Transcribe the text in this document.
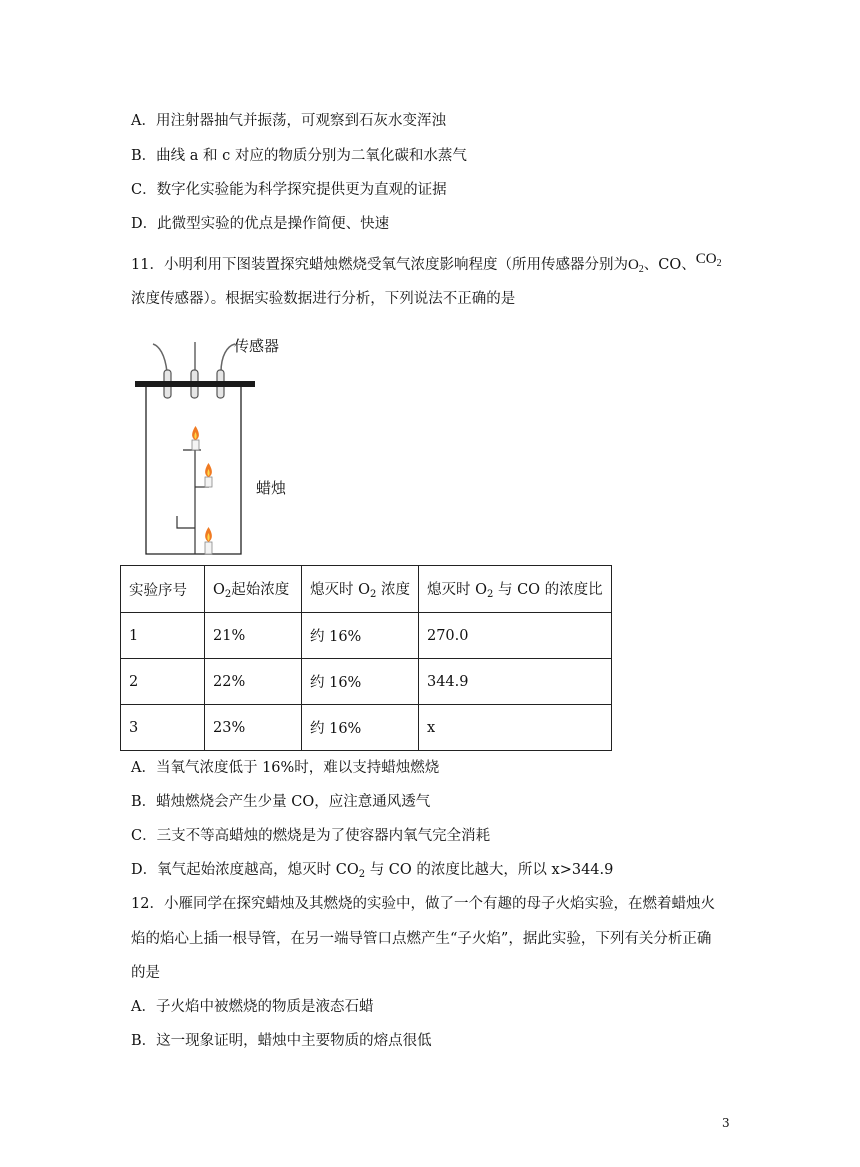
A．用注射器抽气并振荡，可观察到石灰水变浑浊
B．曲线 a 和 c 对应的物质分别为二氧化碳和水蒸气
C．数字化实验能为科学探究提供更为直观的证据
D．此微型实验的优点是操作简便、快速
11．小明利用下图装置探究蜡烛燃烧受氧气浓度影响程度（所用传感器分别为$O_2$、CO、$CO_2$
浓度传感器）。根据实验数据进行分析，下列说法不正确的是
传感器
蜡烛
实验序号	$O_2$起始浓度	熄灭时 $O_2$ 浓度	熄灭时 $O_2$ 与 CO 的浓度比
1	21%	约 16%	270.0
2	22%	约 16%	344.9
3	23%	约 16%	x
A．当氧气浓度低于 16%时，难以支持蜡烛燃烧
B．蜡烛燃烧会产生少量 CO，应注意通风透气
C．三支不等高蜡烛的燃烧是为了使容器内氧气完全消耗
D．氧气起始浓度越高，熄灭时 $CO_2$ 与 CO 的浓度比越大，所以 x>344.9
12．小雁同学在探究蜡烛及其燃烧的实验中，做了一个有趣的母子火焰实验，在燃着蜡烛火
焰的焰心上插一根导管，在另一端导管口点燃产生“子火焰”，据此实验，下列有关分析正确
的是
A．子火焰中被燃烧的物质是液态石蜡
B．这一现象证明，蜡烛中主要物质的熔点很低
3
